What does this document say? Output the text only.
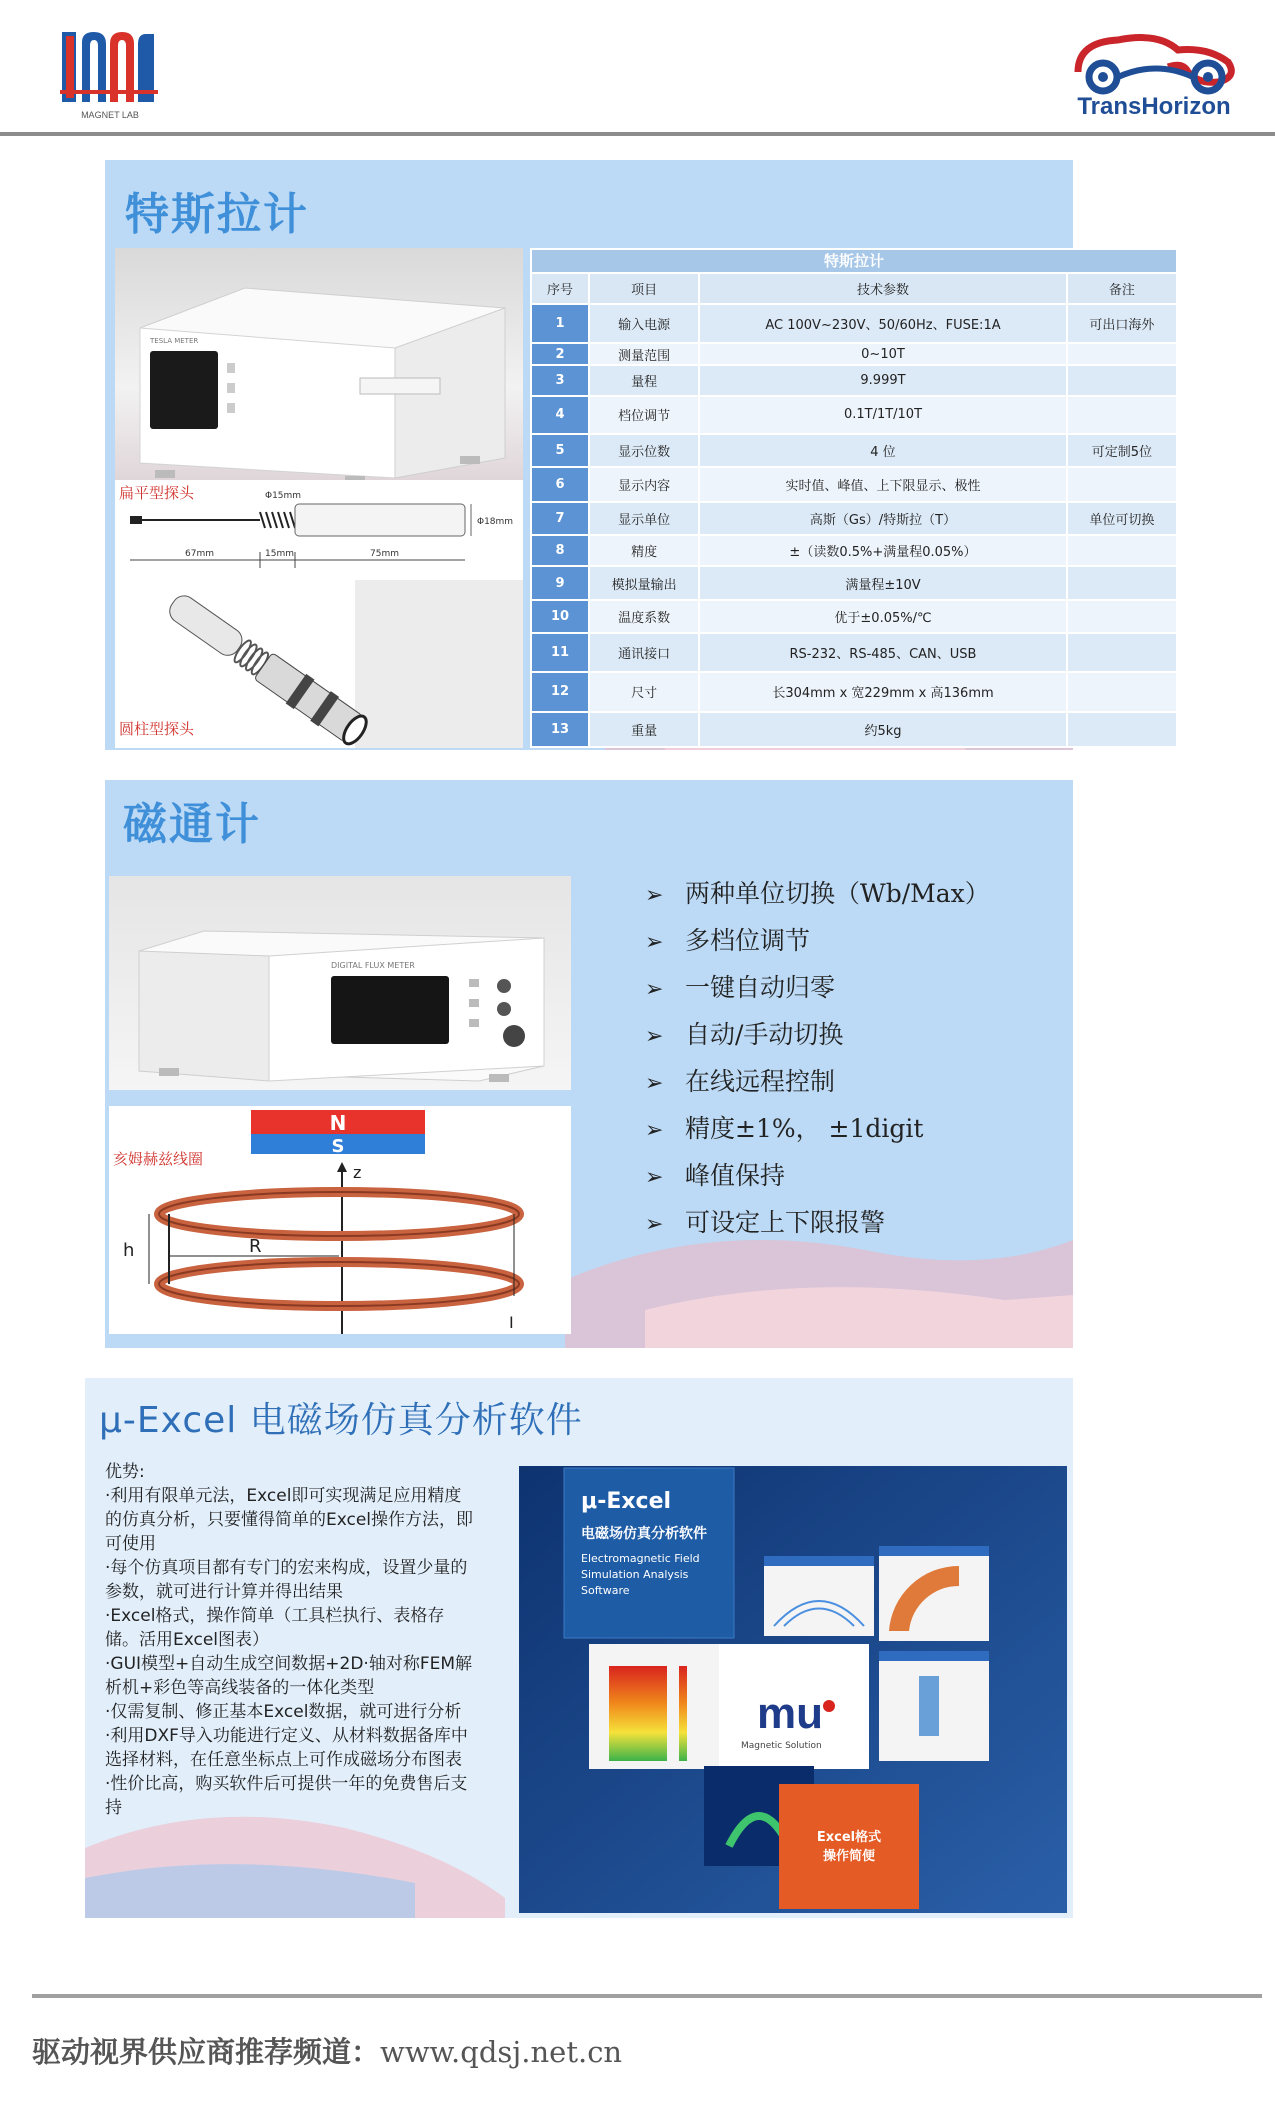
MAGNET LAB	TransHorizon
特斯拉计
TESLA METER
Φ18mm
Φ15mm
67mm	15mm	75mm
扁平型探头
圆柱型探头
特斯拉计			
序号	项目	技术参数	备注
1	输入电源	AC 100V~230V、50/60Hz、FUSE:1A	可出口海外
2	测量范围	0~10T	
3	量程	9.999T	
4	档位调节	0.1T/1T/10T	
5	显示位数	4 位	可定制5位
6	显示内容	实时值、峰值、上下限显示、极性	
7	显示单位	高斯（Gs）/特斯拉（T）	单位可切换
8	精度	±（读数0.5%+满量程0.05%）	
9	模拟量输出	满量程±10V	
10	温度系数	优于±0.05%/℃	
11	通讯接口	RS-232、RS-485、CAN、USB	
12	尺寸	长304mm x 宽229mm x 高136mm	
13	重量	约5kg	
磁通计
DIGITAL FLUX METER
N
S
z
h	R
I
亥姆赫兹线圈
➢ 两种单位切换（Wb/Max）
➢ 多档位调节
➢ 一键自动归零
➢ 自动/手动切换
➢ 在线远程控制
➢ 精度±1%， ±1digit
➢ 峰值保持
➢ 可设定上下限报警
μ-Excel 电磁场仿真分析软件

优势:

·利用有限单元法，Excel即可实现满足应用精度的仿真分析，只要懂得简单的Excel操作方法，即可使用

·每个仿真项目都有专门的宏来构成，设置少量的参数，就可进行计算并得出结果

·Excel格式，操作简单（工具栏执行、表格存储。活用Excel图表）

·GUI模型+自动生成空间数据+2D·轴对称FEM解析机+彩色等高线装备的一体化类型

·仅需复制、修正基本Excel数据，就可进行分析

·利用DXF导入功能进行定义、从材料数据备库中选择材料，在任意坐标点上可作成磁场分布图表

·性价比高，购买软件后可提供一年的免费售后支持

μ-Excel
电磁场仿真分析软件
Electromagnetic Field
Simulation Analysis
Software
mu
Magnetic Solution
Excel格式
操作简便
驱动视界供应商推荐频道：www.qdsj.net.cn
